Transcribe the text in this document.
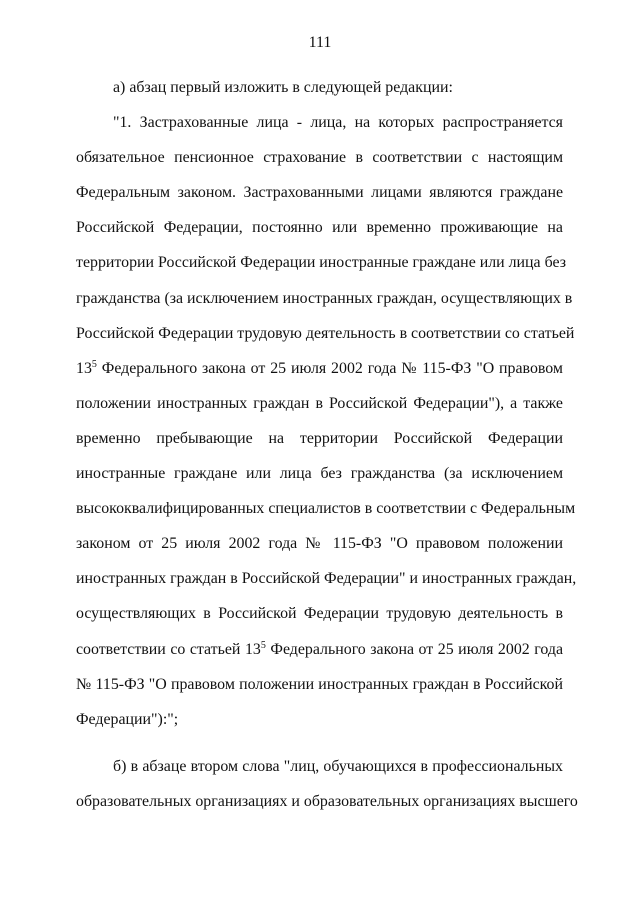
111
а) абзац первый изложить в следующей редакции:
"1. Застрахованные лица - лица, на которых распространяется
обязательное пенсионное страхование в соответствии с настоящим
Федеральным законом. Застрахованными лицами являются граждане
Российской Федерации, постоянно или временно проживающие на
территории Российской Федерации иностранные граждане или лица без
гражданства (за исключением иностранных граждан, осуществляющих в
Российской Федерации трудовую деятельность в соответствии со статьей
$13^5$ Федерального закона от 25 июля 2002 года № 115-ФЗ "О правовом
положении иностранных граждан в Российской Федерации"), а также
временно пребывающие на территории Российской Федерации
иностранные граждане или лица без гражданства (за исключением
высококвалифицированных специалистов в соответствии с Федеральным
законом от 25 июля 2002 года № 115-ФЗ "О правовом положении
иностранных граждан в Российской Федерации" и иностранных граждан,
осуществляющих в Российской Федерации трудовую деятельность в
соответствии со статьей $13^5$ Федерального закона от 25 июля 2002 года
№ 115-ФЗ "О правовом положении иностранных граждан в Российской
Федерации"):";
б) в абзаце втором слова "лиц, обучающихся в профессиональных
образовательных организациях и образовательных организациях высшего
